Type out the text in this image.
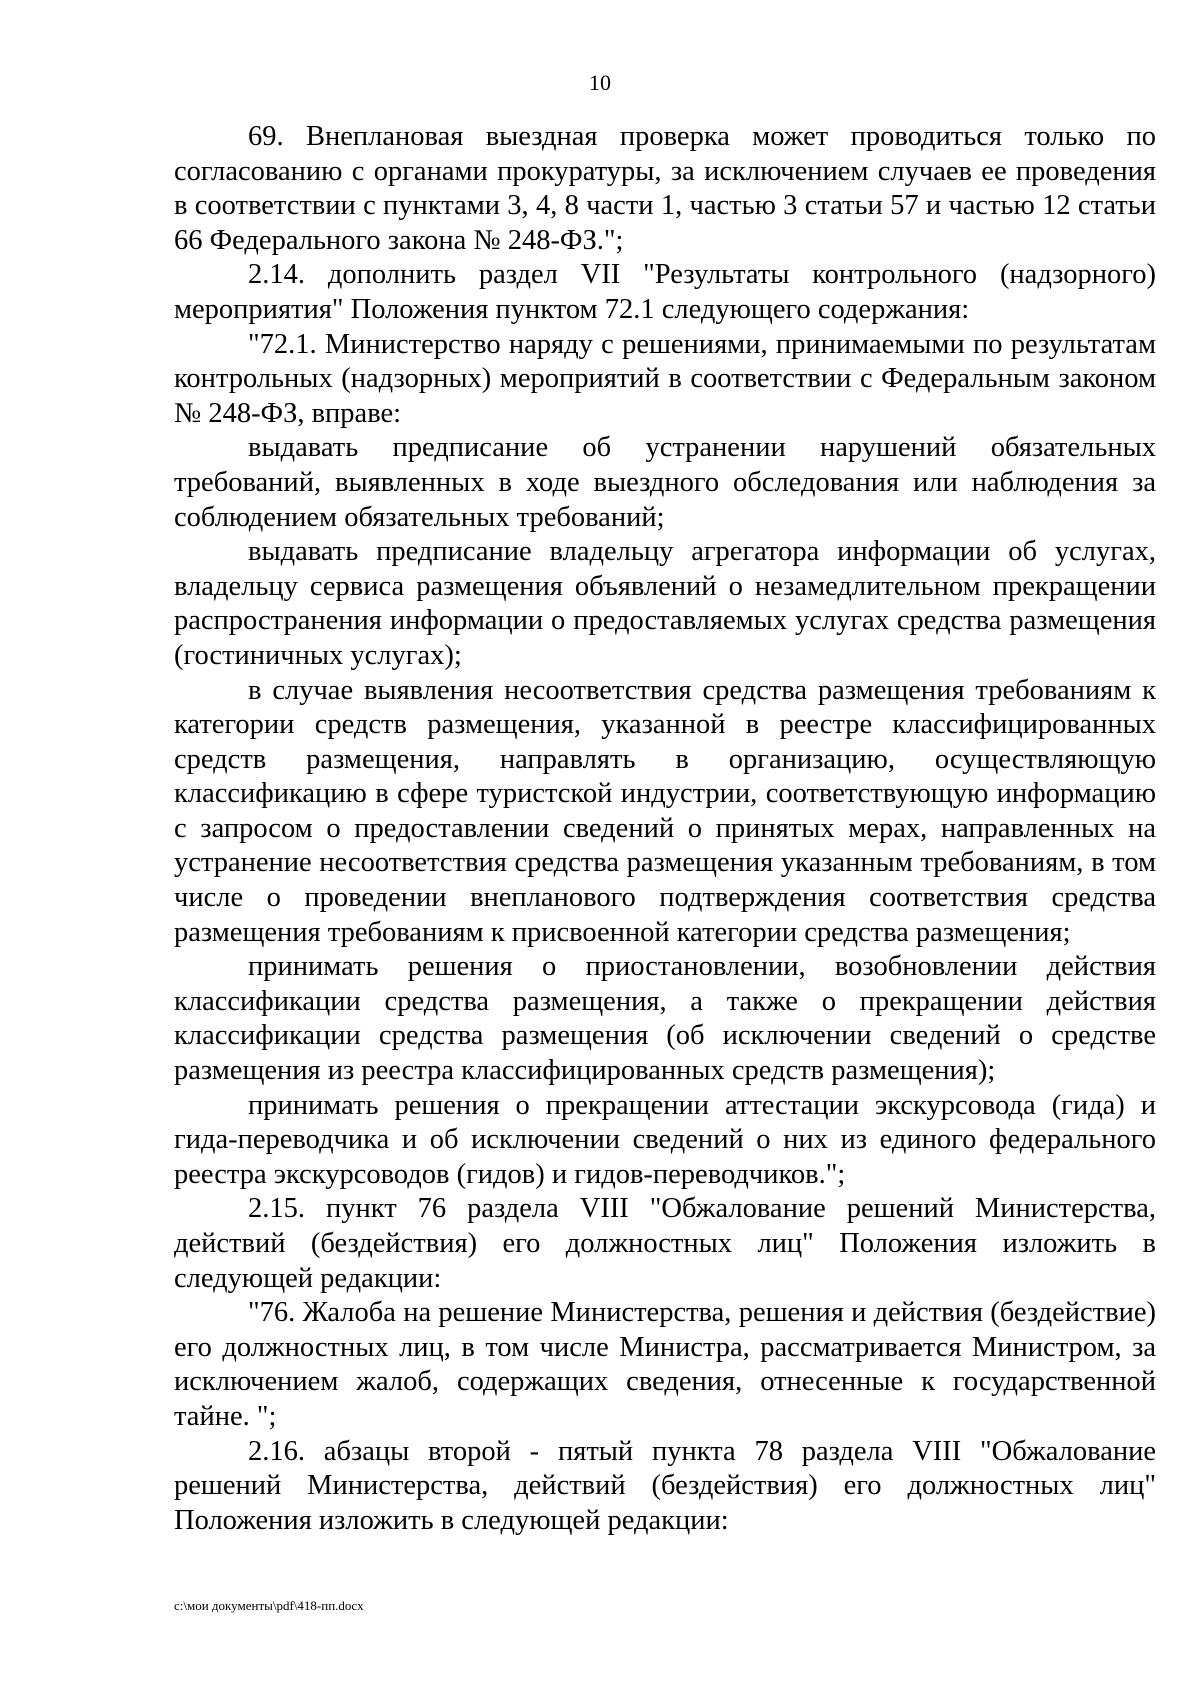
10

69. Внеплановая выездная проверка может проводиться только по согласованию с органами прокуратуры, за исключением случаев ее проведения в соответствии с пунктами 3, 4, 8 части 1, частью 3 статьи 57 и частью 12 статьи 66 Федерального закона № 248-ФЗ.";

2.14. дополнить раздел VII "Результаты контрольного (надзорного) мероприятия" Положения пунктом 72.1 следующего содержания:

"72.1. Министерство наряду с решениями, принимаемыми по результатам контрольных (надзорных) мероприятий в соответствии с Федеральным законом № 248-ФЗ, вправе:

выдавать предписание об устранении нарушений обязательных требований, выявленных в ходе выездного обследования или наблюдения за соблюдением обязательных требований;

выдавать предписание владельцу агрегатора информации об услугах, владельцу сервиса размещения объявлений о незамедлительном прекращении распространения информации о предоставляемых услугах средства размещения (гостиничных услугах);

в случае выявления несоответствия средства размещения требованиям к категории средств размещения, указанной в реестре классифицированных средств размещения, направлять в организацию, осуществляющую классификацию в сфере туристской индустрии, соответствующую информацию с запросом о предоставлении сведений о принятых мерах, направленных на устранение несоответствия средства размещения указанным требованиям, в том числе о проведении внепланового подтверждения соответствия средства размещения требованиям к присвоенной категории средства размещения;

принимать решения о приостановлении, возобновлении действия классификации средства размещения, а также о прекращении действия классификации средства размещения (об исключении сведений о средстве размещения из реестра классифицированных средств размещения);

принимать решения о прекращении аттестации экскурсовода (гида) и гида-переводчика и об исключении сведений о них из единого федерального реестра экскурсоводов (гидов) и гидов-переводчиков.";

2.15. пункт 76 раздела VIII "Обжалование решений Министерства, действий (бездействия) его должностных лиц" Положения изложить в следующей редакции:

"76. Жалоба на решение Министерства, решения и действия (бездействие) его должностных лиц, в том числе Министра, рассматривается Министром, за исключением жалоб, содержащих сведения, отнесенные к государственной тайне. ";

2.16. абзацы второй - пятый пункта 78 раздела VIII "Обжалование решений Министерства, действий (бездействия) его должностных лиц" Положения изложить в следующей редакции:

c:\мои документы\pdf\418-пп.docx
